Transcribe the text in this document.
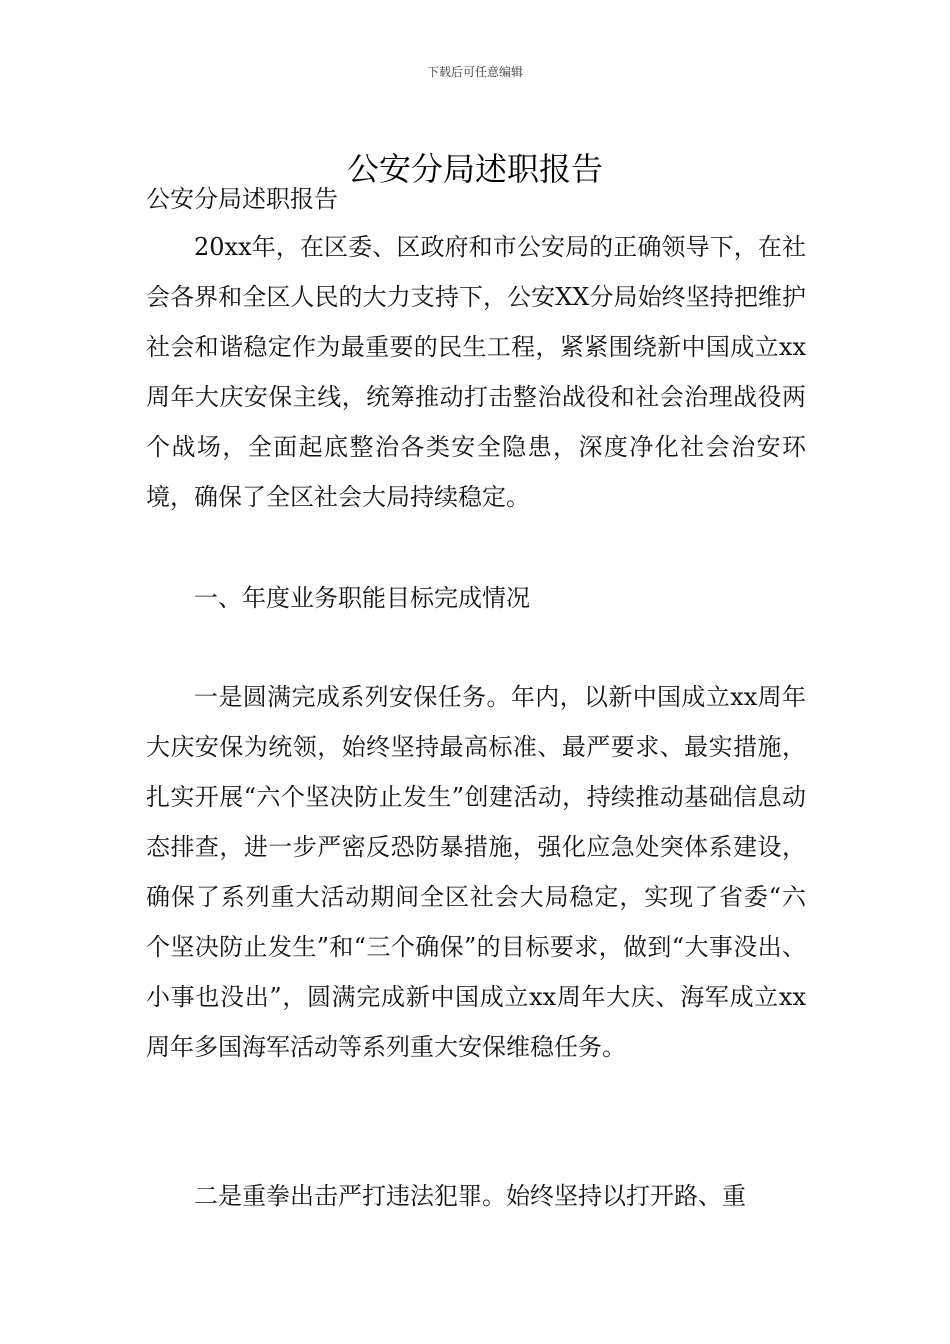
下载后可任意编辑
公安分局述职报告
公安分局述职报告

20xx年，在区委、区政府和市公安局的正确领导下，在社会各界和全区人民的大力支持下，公安XX分局始终坚持把维护社会和谐稳定作为最重要的民生工程，紧紧围绕新中国成立xx周年大庆安保主线，统筹推动打击整治战役和社会治理战役两个战场，全面起底整治各类安全隐患，深度净化社会治安环境，确保了全区社会大局持续稳定。

一、年度业务职能目标完成情况

一是圆满完成系列安保任务。年内，以新中国成立xx周年大庆安保为统领，始终坚持最高标准、最严要求、最实措施，扎实开展“六个坚决防止发生”创建活动，持续推动基础信息动态排查，进一步严密反恐防暴措施，强化应急处突体系建设，确保了系列重大活动期间全区社会大局稳定，实现了省委“六个坚决防止发生”和“三个确保”的目标要求，做到“大事没出、小事也没出”，圆满完成新中国成立xx周年大庆、海军成立xx周年多国海军活动等系列重大安保维稳任务。

二是重拳出击严打违法犯罪。始终坚持以打开路、重
